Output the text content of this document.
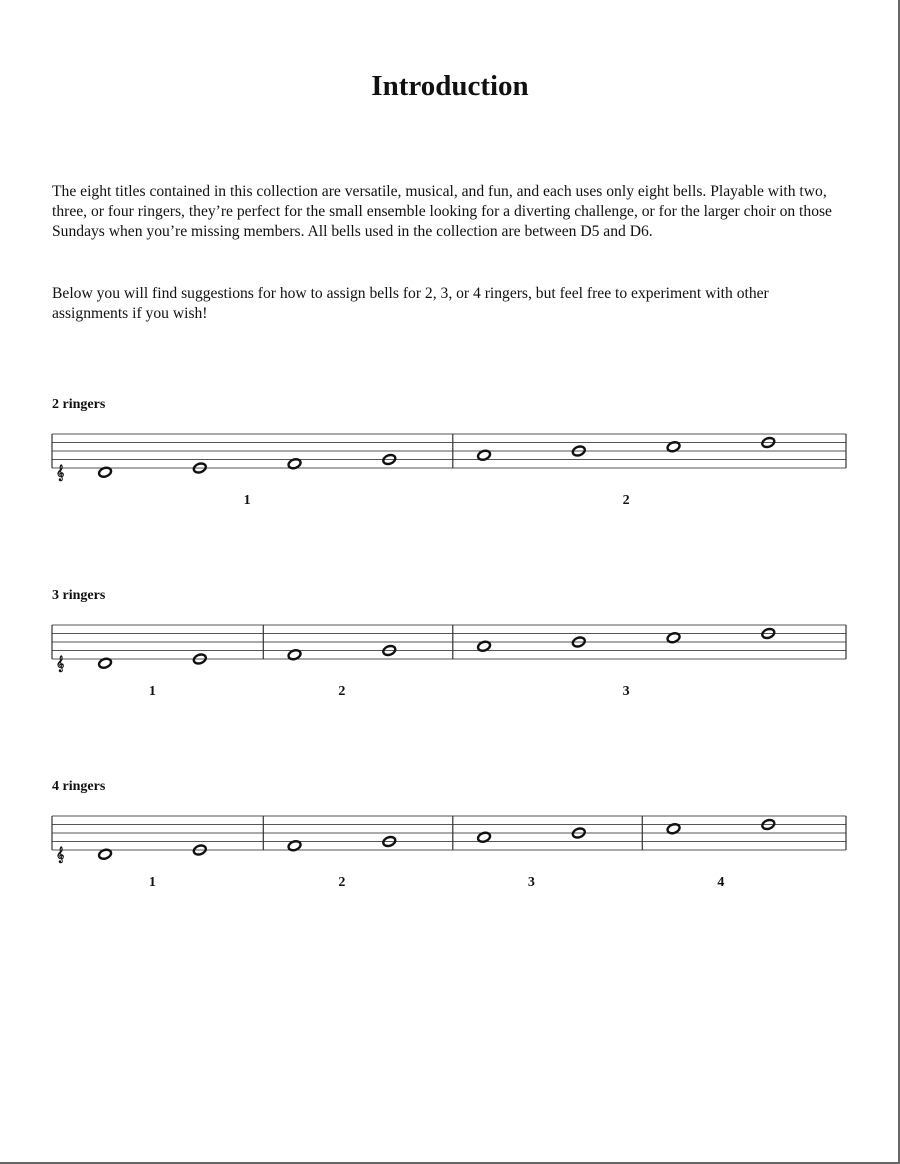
Introduction

The eight titles contained in this collection are versatile, musical, and fun, and each uses only eight bells. Playable with two, three, or four ringers, they’re perfect for the small ensemble looking for a diverting challenge, or for the larger choir on those Sundays when you’re missing members. All bells used in the collection are between D5 and D6.

Below you will find suggestions for how to assign bells for 2, 3, or 4 ringers, but feel free to experiment with other assignments if you wish!

2 ringers

𝄞
1	2

3 ringers

𝄞
1	2	3

4 ringers

𝄞
1	2	3	4
